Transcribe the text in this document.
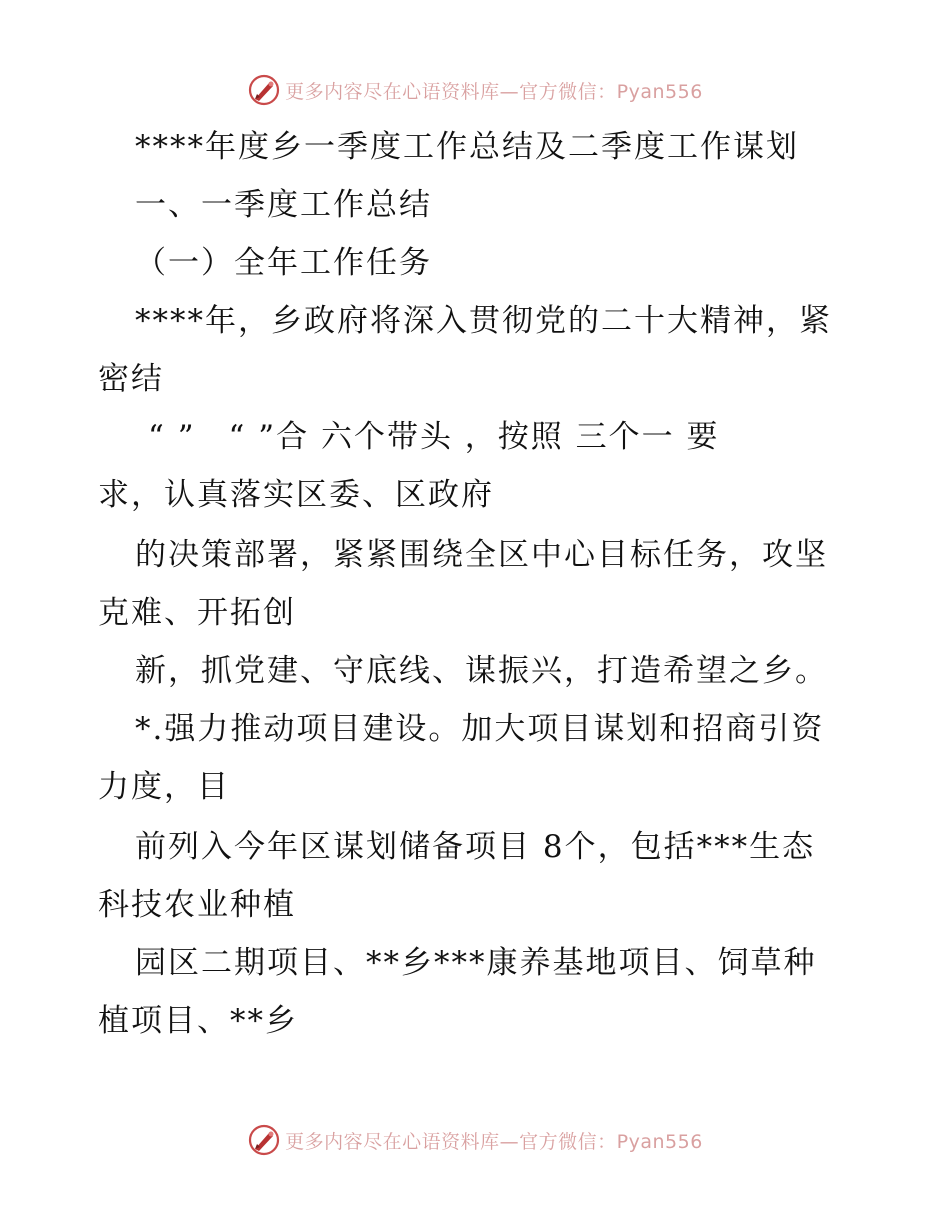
更多内容尽在心语资料库—官方微信：Pyan556
****年度乡一季度工作总结及二季度工作谋划
一、一季度工作总结
（一）全年工作任务
****年，乡政府将深入贯彻党的二十大精神，紧
密结
“ ”　“ ”合 六个带头 ，按照 三个一 要
求，认真落实区委、区政府
的决策部署，紧紧围绕全区中心目标任务，攻坚
克难、开拓创
新，抓党建、守底线、谋振兴，打造希望之乡。
*.强力推动项目建设。加大项目谋划和招商引资
力度，目
前列入今年区谋划储备项目 8个，包括***生态
科技农业种植
园区二期项目、**乡***康养基地项目、饲草种
植项目、**乡
更多内容尽在心语资料库—官方微信：Pyan556
